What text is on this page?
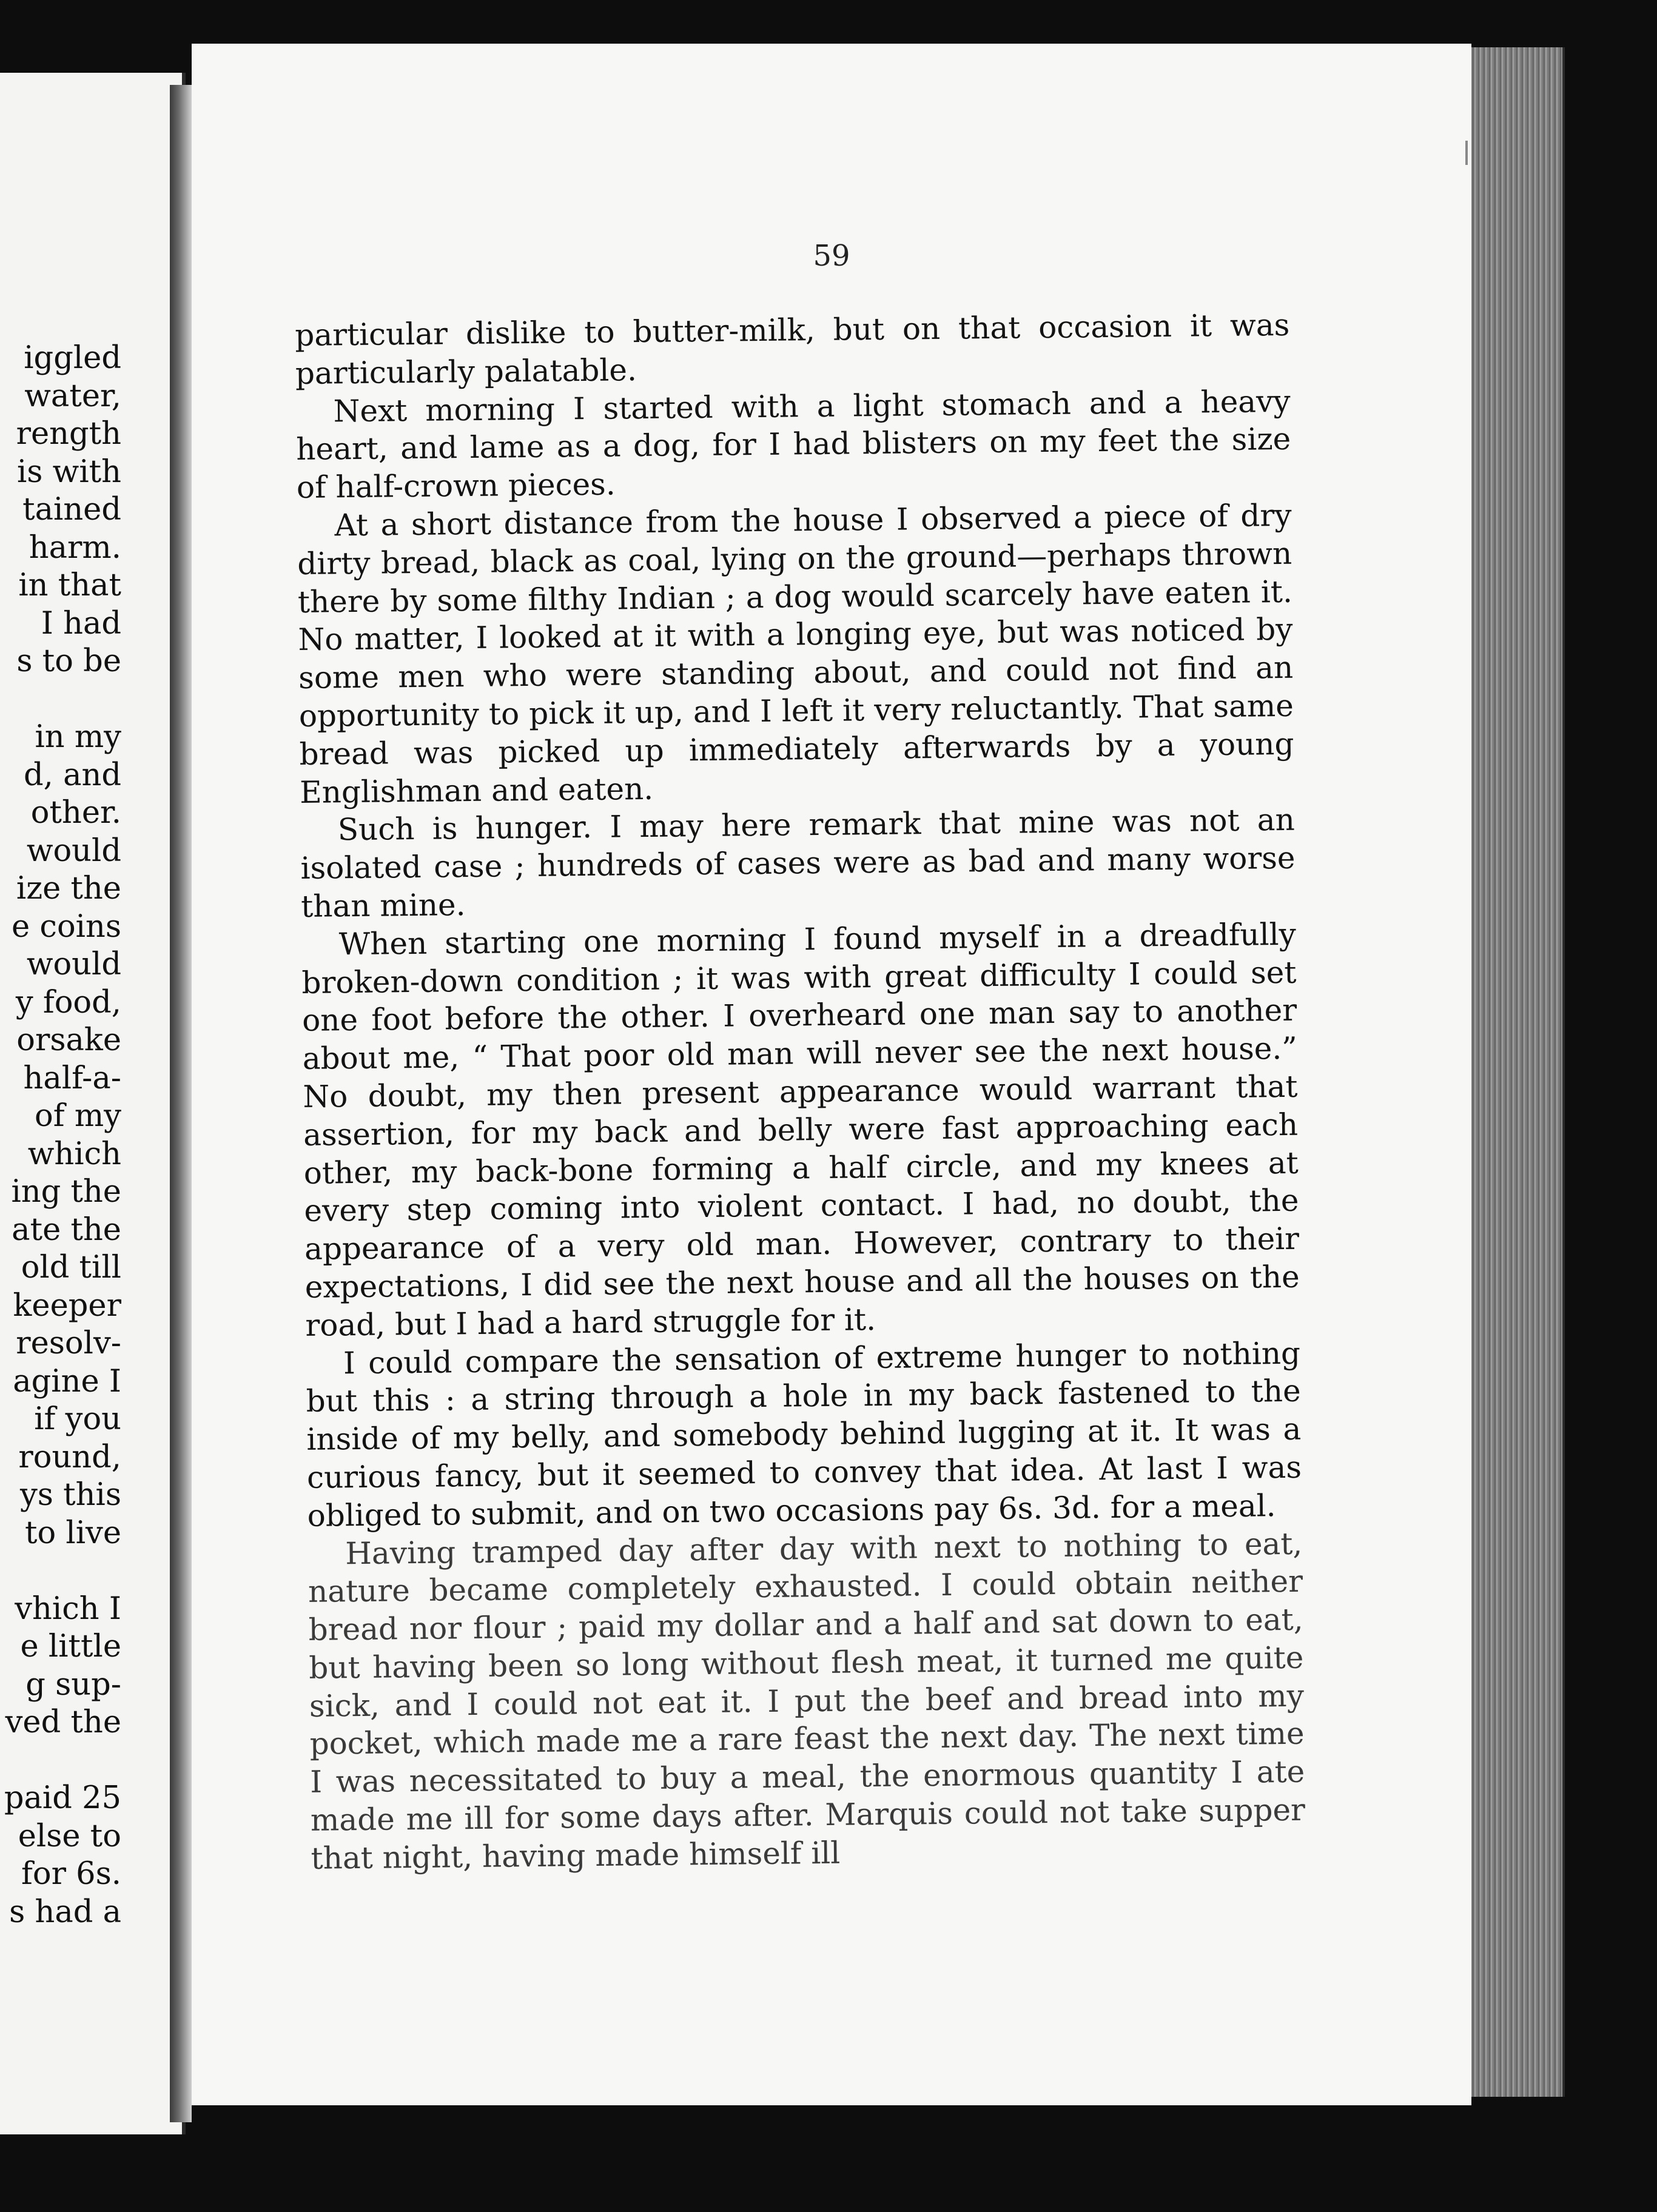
iggled
water,
rength
is with
tained
harm.
in that
I had
s to be
in my
d, and
other.
would
ize the
e coins
would
y food,
orsake
half-a-
of my
which
ing the
ate the
old till
keeper
resolv-
agine I
if you
round,
ys this
to live
vhich I
e little
g sup-
ved the
paid 25
else to
for 6s.
s had a
59

particular dislike to butter-milk, but on that occasion it was particularly palatable.

Next morning I started with a light stomach and a heavy heart, and lame as a dog, for I had blisters on my feet the size of half-crown pieces.

At a short distance from the house I observed a piece of dry dirty bread, black as coal, lying on the ground—perhaps thrown there by some filthy Indian ; a dog would scarcely have eaten it. No matter, I looked at it with a longing eye, but was noticed by some men who were standing about, and could not find an opportunity to pick it up, and I left it very reluctantly. That same bread was picked up immediately afterwards by a young Englishman and eaten.

Such is hunger. I may here remark that mine was not an isolated case ; hundreds of cases were as bad and many worse than mine.

When starting one morning I found myself in a dreadfully broken-down condition ; it was with great difficulty I could set one foot before the other. I overheard one man say to another about me, “ That poor old man will never see the next house.” No doubt, my then present appearance would warrant that assertion, for my back and belly were fast approaching each other, my back-bone forming a half circle, and my knees at every step coming into violent contact. I had, no doubt, the appearance of a very old man. However, contrary to their expectations, I did see the next house and all the houses on the road, but I had a hard struggle for it.

I could compare the sensation of extreme hunger to nothing but this : a string through a hole in my back fastened to the inside of my belly, and somebody behind lugging at it. It was a curious fancy, but it seemed to convey that idea. At last I was obliged to submit, and on two occasions pay 6s. 3d. for a meal.

Having tramped day after day with next to nothing to eat, nature became completely exhausted. I could obtain neither bread nor flour ; paid my dollar and a half and sat down to eat, but having been so long without flesh meat, it turned me quite sick, and I could not eat it. I put the beef and bread into my pocket, which made me a rare feast the next day. The next time I was necessitated to buy a meal, the enormous quantity I ate made me ill for some days after. Marquis could not take supper that night, having made himself ill
